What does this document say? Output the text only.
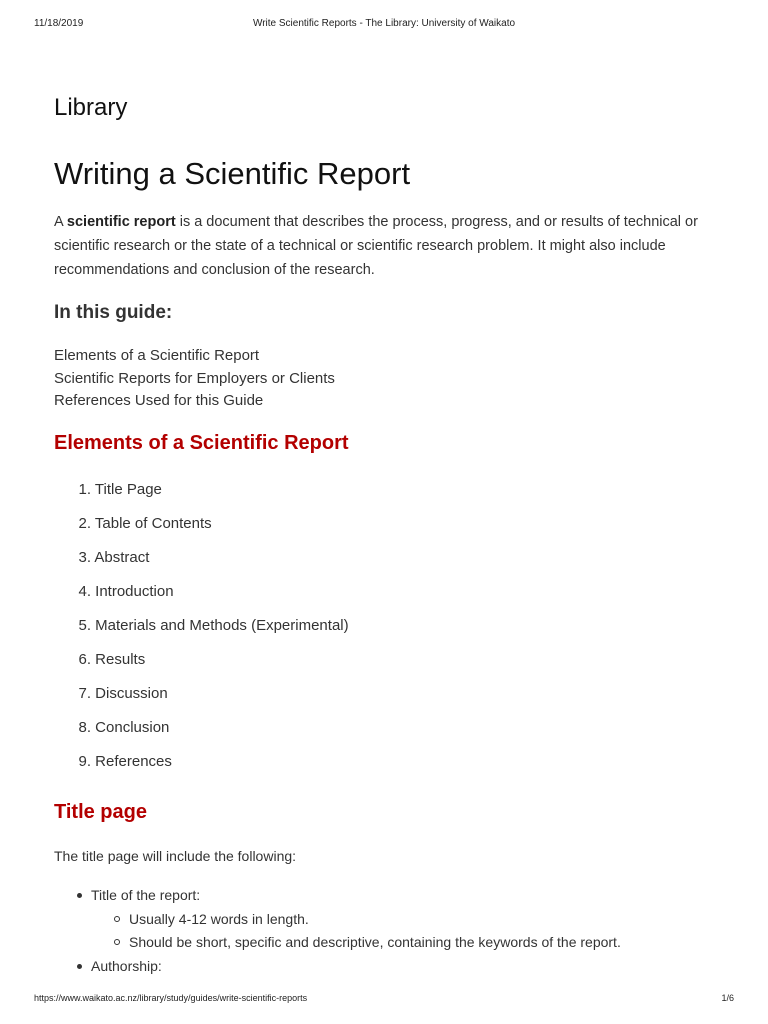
11/18/2019	Write Scientific Reports - The Library: University of Waikato
Library
Writing a Scientific Report

A scientific report is a document that describes the process, progress, and or results of technical or scientific research or the state of a technical or scientific research problem. It might also include recommendations and conclusion of the research.

In this guide:
Elements of a Scientific Report
Scientific Reports for Employers or Clients
References Used for this Guide
Elements of a Scientific Report
1. Title Page
2. Table of Contents
3. Abstract
4. Introduction
5. Materials and Methods (Experimental)
6. Results
7. Discussion
8. Conclusion
9. References
Title page

The title page will include the following:

Title of the report:
Usually 4-12 words in length.
Should be short, specific and descriptive, containing the keywords of the report.
Authorship:
https://www.waikato.ac.nz/library/study/guides/write-scientific-reports	1/6
